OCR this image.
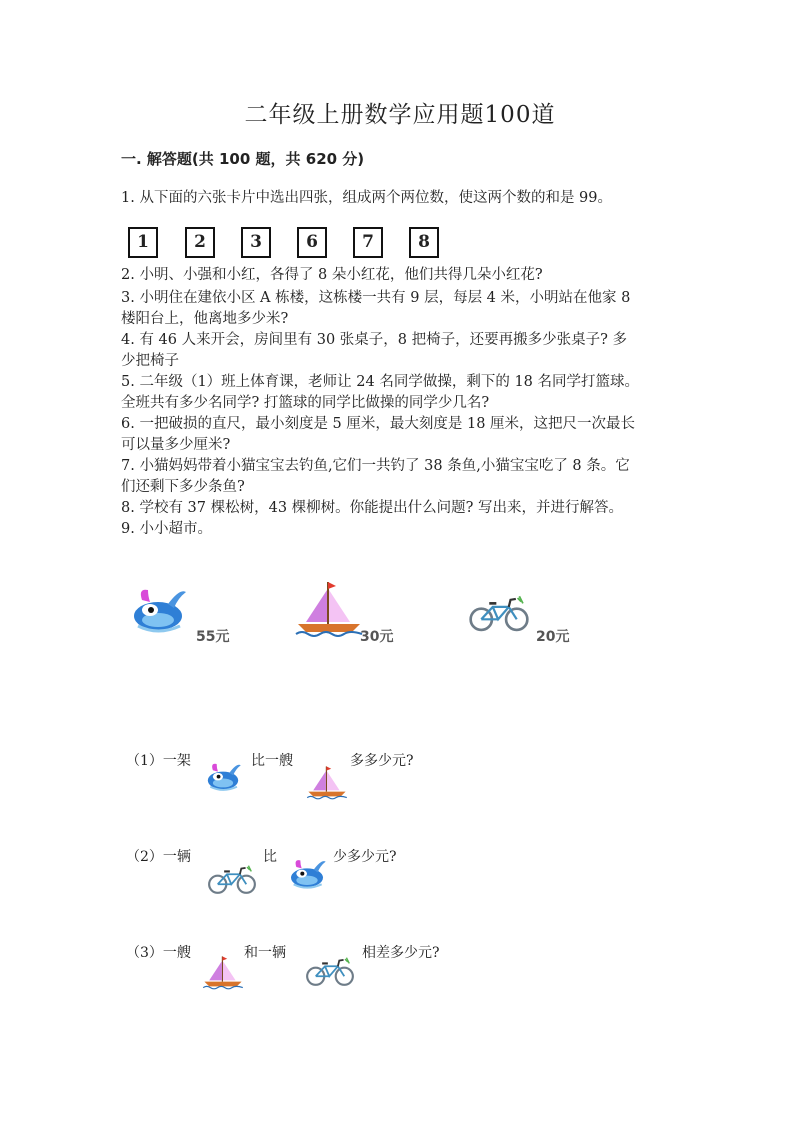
二年级上册数学应用题100道
一. 解答题(共 100 题，共 620 分)
1. 从下面的六张卡片中选出四张，组成两个两位数，使这两个数的和是 99。
1	2	3	6	7	8
2. 小明、小强和小红，各得了 8 朵小红花，他们共得几朵小红花?
3. 小明住在建依小区 A 栋楼，这栋楼一共有 9 层，每层 4 米，小明站在他家 8
楼阳台上，他离地多少米?
4. 有 46 人来开会，房间里有 30 张桌子，8 把椅子，还要再搬多少张桌子? 多
少把椅子
5. 二年级（1）班上体育课，老师让 24 名同学做操，剩下的 18 名同学打篮球。
全班共有多少名同学? 打篮球的同学比做操的同学少几名?
6. 一把破损的直尺，最小刻度是 5 厘米，最大刻度是 18 厘米，这把尺一次最长
可以量多少厘米?
7. 小猫妈妈带着小猫宝宝去钓鱼,它们一共钓了 38 条鱼,小猫宝宝吃了 8 条。它
们还剩下多少条鱼?
8. 学校有 37 棵松树，43 棵柳树。你能提出什么问题? 写出来，并进行解答。
9. 小小超市。
55元	30元	20元
（1）一架	比一艘	多多少元?
（2）一辆	比	少多少元?
（3）一艘	和一辆	相差多少元?
